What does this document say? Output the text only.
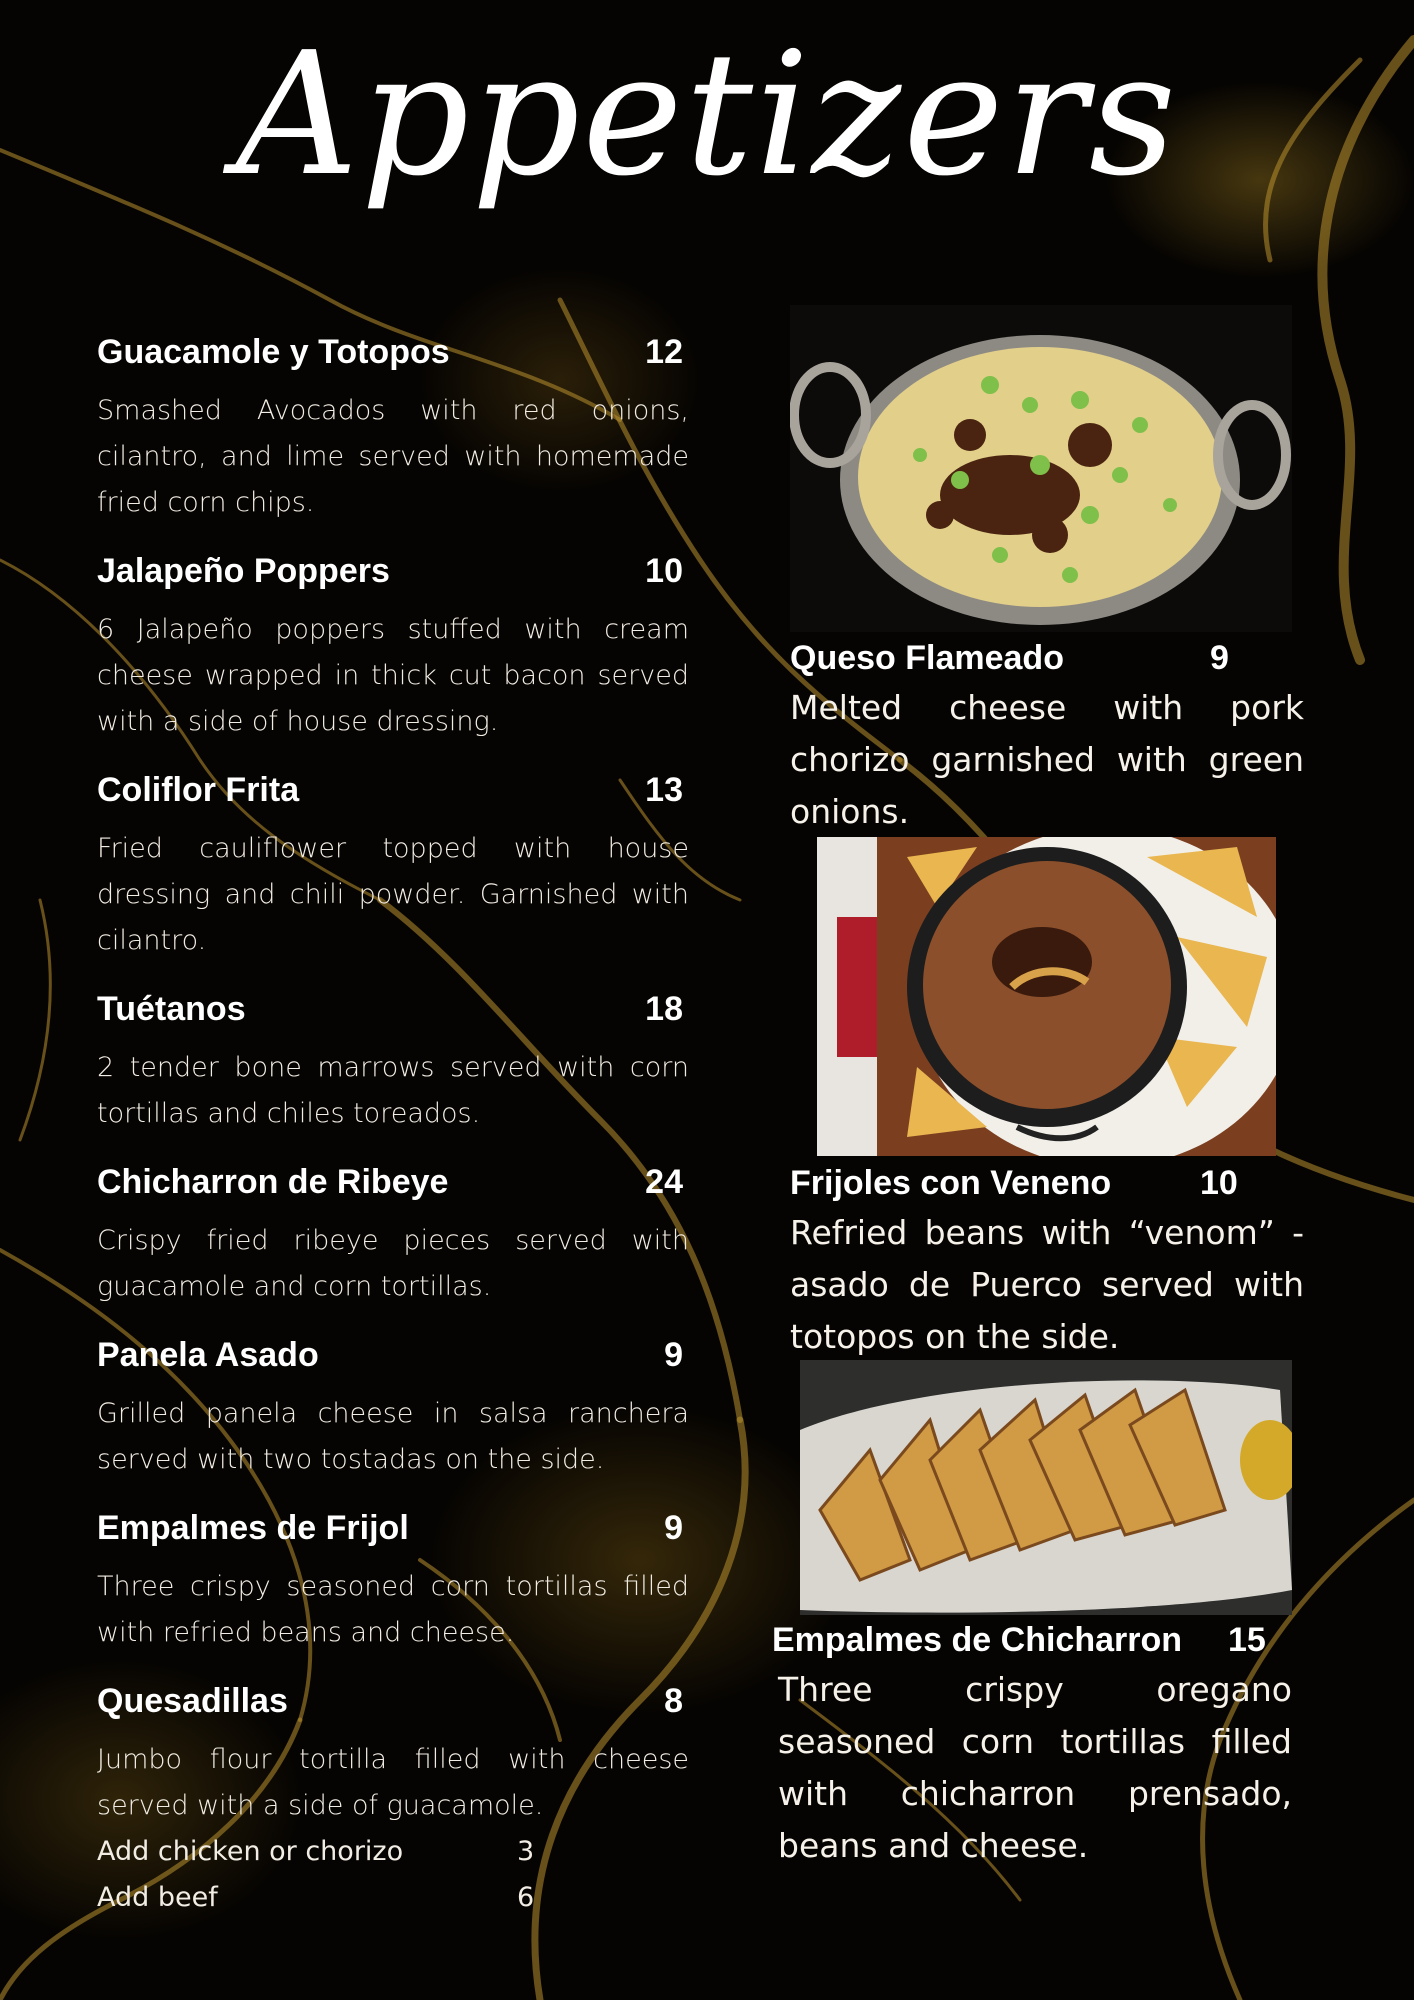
Appetizers
Guacamole y Totopos	12
Smashed Avocados with red onions, cilantro, and lime served with homemade fried corn chips.
Jalapeño Poppers	10
6 Jalapeño poppers stuffed with cream cheese wrapped in thick cut bacon served with a side of house dressing.
Coliflor Frita	13
Fried cauliflower topped with house dressing and chili powder. Garnished with cilantro.
Tuétanos	18
2 tender bone marrows served with corn tortillas and chiles toreados.
Chicharron de Ribeye	24
Crispy fried ribeye pieces served with guacamole and corn tortillas.
Panela Asado	9
Grilled panela cheese in salsa ranchera served with two tostadas on the side.
Empalmes de Frijol	9
Three crispy seasoned corn tortillas filled with refried beans and cheese.
Quesadillas	8
Jumbo flour tortilla filled with cheese served with a side of guacamole.
Add chicken or chorizo	3
Add beef	6
Queso Flameado	9
Melted cheese with pork chorizo garnished with green onions.
Frijoles con Veneno	10
Refried beans with “venom” - asado de Puerco served with totopos on the side.
Empalmes de Chicharron	15
Three crispy oregano seasoned corn tortillas filled with chicharron prensado, beans and cheese.
